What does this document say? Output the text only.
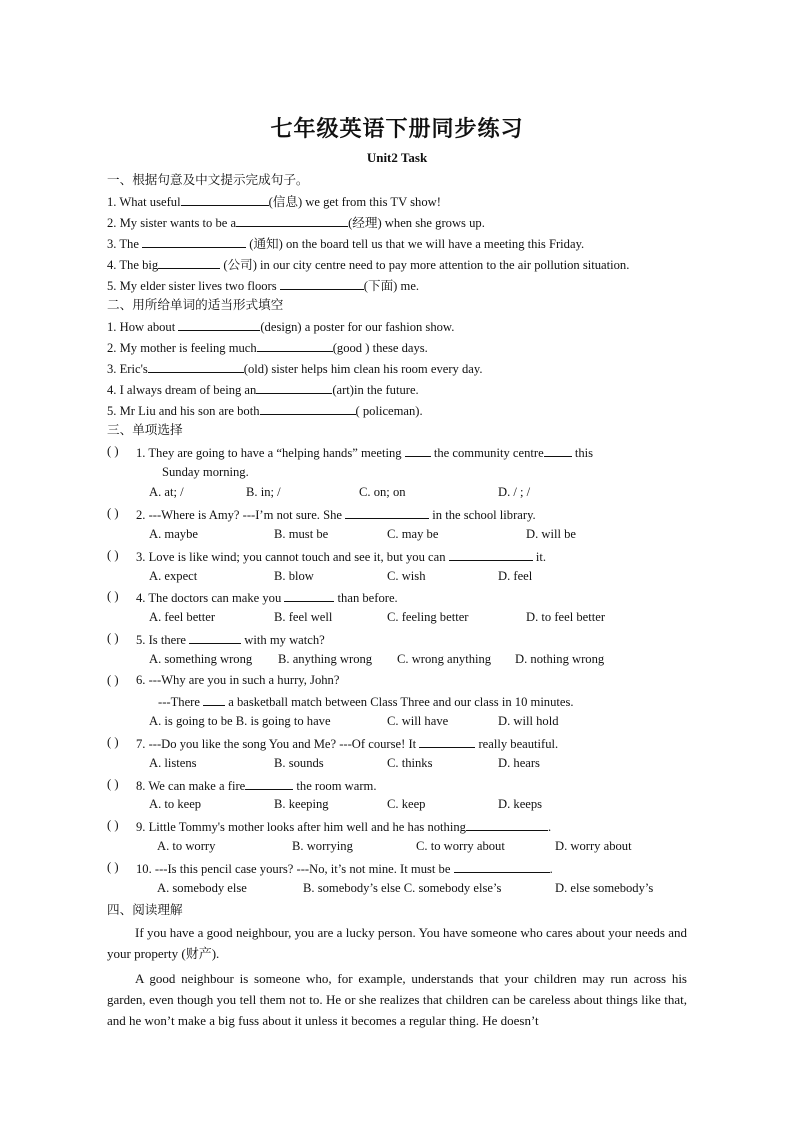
七年级英语下册同步练习
Unit2 Task
一、根据句意及中文提示完成句子。
1. What useful	(信息) we get from this TV show!
2. My sister wants to be a	(经理) when she grows up.
3. The	(通知) on the board tell us that we will have a meeting this Friday.
4. The big	(公司) in our city centre need to pay more attention to the air pollution situation.
5. My elder sister lives two floors	(下面) me.
二、用所给单词的适当形式填空
1. How about	(design) a poster for our fashion show.
2. My mother is feeling much	(good ) these days.
3. Eric's	(old) sister helps him clean his room every day.
4. I always dream of being an	(art)in the future.
5. Mr Liu and his son are both	( policeman).
三、单项选择
( ) 1. They are going to have a “helping hands” meeting  the community centre this
Sunday morning.
A. at; /	B. in; /	C. on; on	D. / ; /
( ) 2. ---Where is Amy? ---I’m not sure. She	in the school library.
A. maybe	B. must be	C. may be	D. will be
( ) 3. Love is like wind; you cannot touch and see it, but you can	it.
A. expect	B. blow	C. wish	D. feel
( ) 4. The doctors can make you	than before.
A. feel better	B. feel well	C. feeling better	D. to feel better
( ) 5. Is there	with my watch?
A. something wrong B. anything wrong C. wrong anything D. nothing wrong
( ) 6. ---Why are you in such a hurry, John?
---There  a basketball match between Class Three and our class in 10 minutes.
A. is going to be B. is going to have	C. will have	D. will hold
( ) 7. ---Do you like the song You and Me? ---Of course! It	really beautiful.
A. listens	B. sounds	C. thinks	D. hears
( ) 8. We can make a fire	the room warm.
A. to keep	B. keeping	C. keep	D. keeps
( ) 9. Little Tommy's mother looks after him well and he has nothing	.
A. to worry	B. worrying	C. to worry about	D. worry about
( ) 10. ---Is this pencil case yours? ---No, it’s not mine. It must be	.
A. somebody else	B. somebody’s else C. somebody else’s	D. else somebody’s
四、阅读理解

If you have a good neighbour, you are a lucky person. You have someone who cares about your needs and your property (财产).

A good neighbour is someone who, for example, understands that your children may run across his garden, even though you tell them not to. He or she realizes that children can be careless about things like that, and he won’t make a big fuss about it unless it becomes a regular thing. He doesn’t
